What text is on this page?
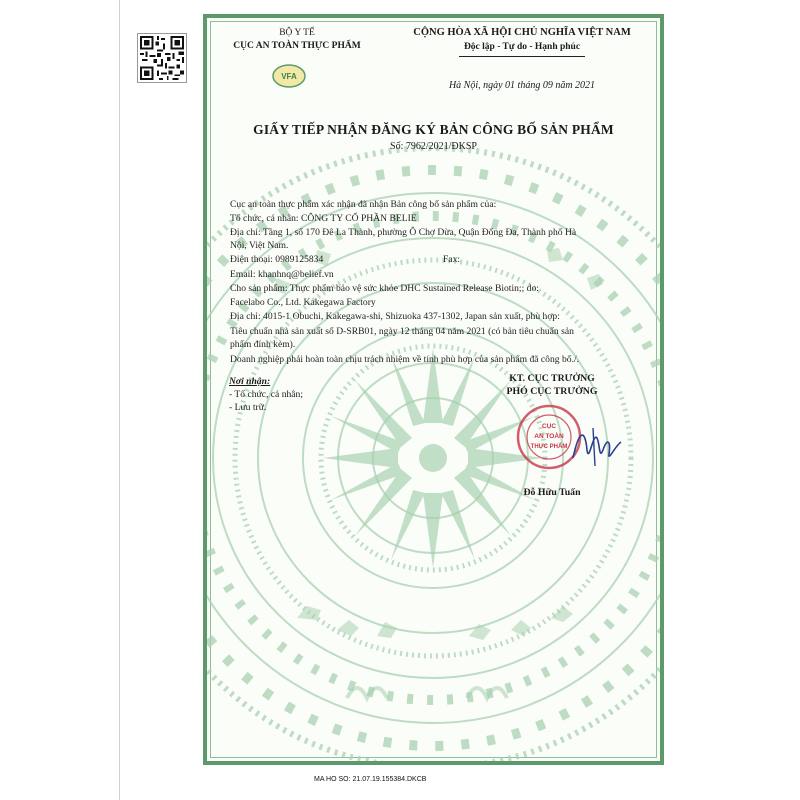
BỘ Y TẾ
CỤC AN TOÀN THỰC PHẨM
VFA
CỘNG HÒA XÃ HỘI CHỦ NGHĨA VIỆT NAM
Độc lập - Tự do - Hạnh phúc
Hà Nội, ngày 01 tháng 09 năm 2021
GIẤY TIẾP NHẬN ĐĂNG KÝ BẢN CÔNG BỐ SẢN PHẨM
Số: 7962/2021/ĐKSP
Cục an toàn thực phẩm xác nhận đã nhận Bản công bố sản phẩm của:
Tổ chức, cá nhân: CÔNG TY CỔ PHẦN BELIE
Địa chỉ: Tầng 1, số 170 Đê La Thành, phường Ô Chợ Dừa, Quận Đống Đa, Thành phố Hà
Nội, Việt Nam.
Điện thoại: 0989125834	Fax:
Email: khanhnq@belief.vn
Cho sản phẩm: Thực phẩm bảo vệ sức khỏe DHC Sustained Release Biotin;; do:
Facelabo Co., Ltd. Kakegawa Factory
Địa chỉ: 4015-1 Obuchi, Kakegawa-shi, Shizuoka 437-1302, Japan sản xuất, phù hợp:
Tiêu chuẩn nhà sản xuất số D-SRB01, ngày 12 tháng 04 năm 2021 (có bản tiêu chuẩn sản
phẩm đính kèm).
Doanh nghiệp phải hoàn toàn chịu trách nhiệm về tính phù hợp của sản phẩm đã công bố./.
Nơi nhận:
- Tổ chức, cá nhân;
- Lưu trữ.
KT. CỤC TRƯỞNG
PHÓ CỤC TRƯỞNG
CỤC
AN TOÀN
THỰC PHẨM
Đỗ Hữu Tuấn
MA HO SO: 21.07.19.155384.DKCB
